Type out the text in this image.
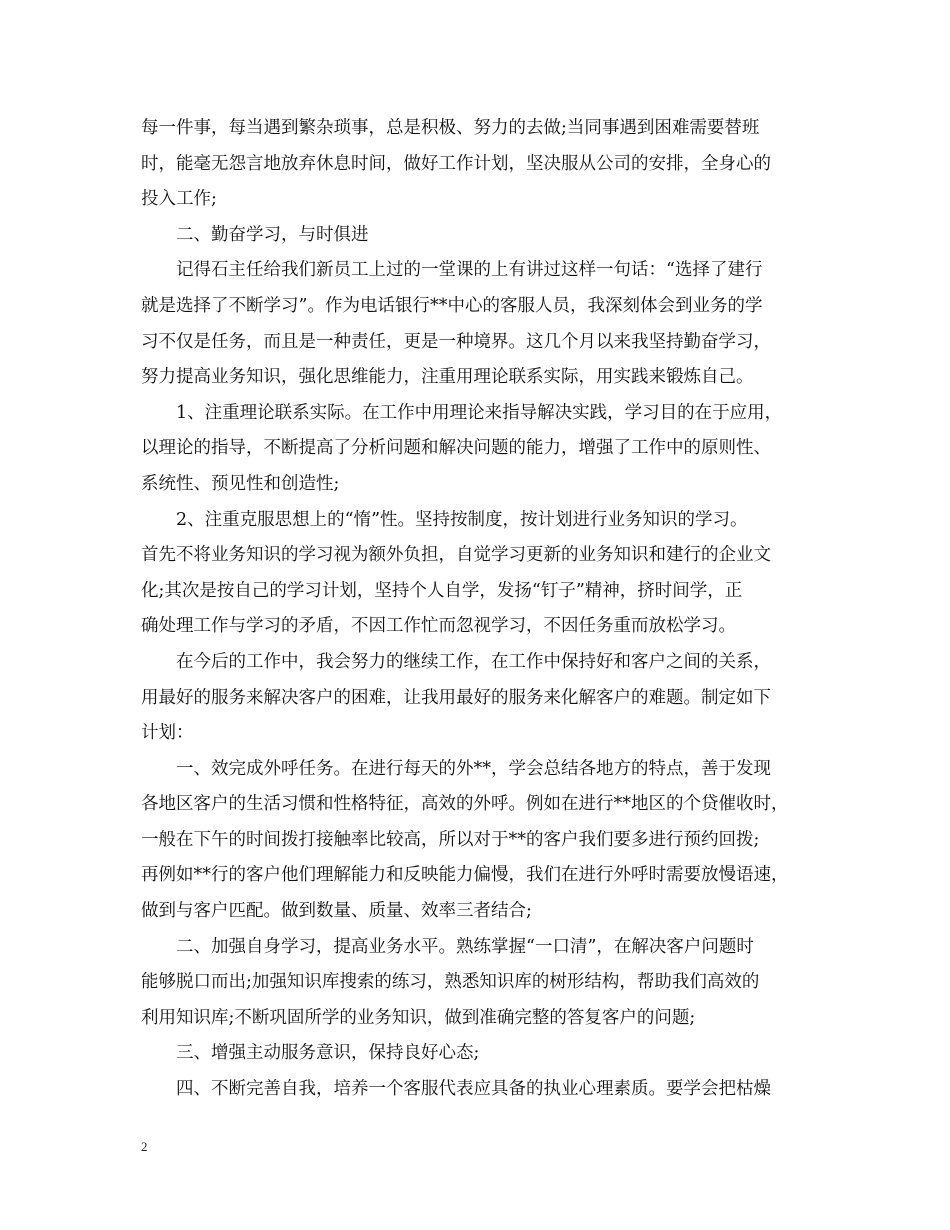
每一件事，每当遇到繁杂琐事，总是积极、努力的去做;当同事遇到困难需要替班
时，能毫无怨言地放弃休息时间，做好工作计划，坚决服从公司的安排，全身心的
投入工作;
二、勤奋学习，与时俱进
记得石主任给我们新员工上过的一堂课的上有讲过这样一句话：“选择了建行
就是选择了不断学习”。作为电话银行**中心的客服人员，我深刻体会到业务的学
习不仅是任务，而且是一种责任，更是一种境界。这几个月以来我坚持勤奋学习，
努力提高业务知识，强化思维能力，注重用理论联系实际，用实践来锻炼自己。
1、注重理论联系实际。在工作中用理论来指导解决实践，学习目的在于应用，
以理论的指导，不断提高了分析问题和解决问题的能力，增强了工作中的原则性、
系统性、预见性和创造性;
2、注重克服思想上的“惰”性。坚持按制度，按计划进行业务知识的学习。
首先不将业务知识的学习视为额外负担，自觉学习更新的业务知识和建行的企业文
化;其次是按自己的学习计划，坚持个人自学，发扬“钉子”精神，挤时间学，正
确处理工作与学习的矛盾，不因工作忙而忽视学习，不因任务重而放松学习。
在今后的工作中，我会努力的继续工作，在工作中保持好和客户之间的关系，
用最好的服务来解决客户的困难，让我用最好的服务来化解客户的难题。制定如下
计划：
一、效完成外呼任务。在进行每天的外**，学会总结各地方的特点，善于发现
各地区客户的生活习惯和性格特征，高效的外呼。例如在进行**地区的个贷催收时，
一般在下午的时间拨打接触率比较高，所以对于**的客户我们要多进行预约回拨;
再例如**行的客户他们理解能力和反映能力偏慢，我们在进行外呼时需要放慢语速，
做到与客户匹配。做到数量、质量、效率三者结合;
二、加强自身学习，提高业务水平。熟练掌握“一口清”，在解决客户问题时
能够脱口而出;加强知识库搜索的练习，熟悉知识库的树形结构，帮助我们高效的
利用知识库;不断巩固所学的业务知识，做到准确完整的答复客户的问题;
三、增强主动服务意识，保持良好心态;
四、不断完善自我，培养一个客服代表应具备的执业心理素质。要学会把枯燥
2
